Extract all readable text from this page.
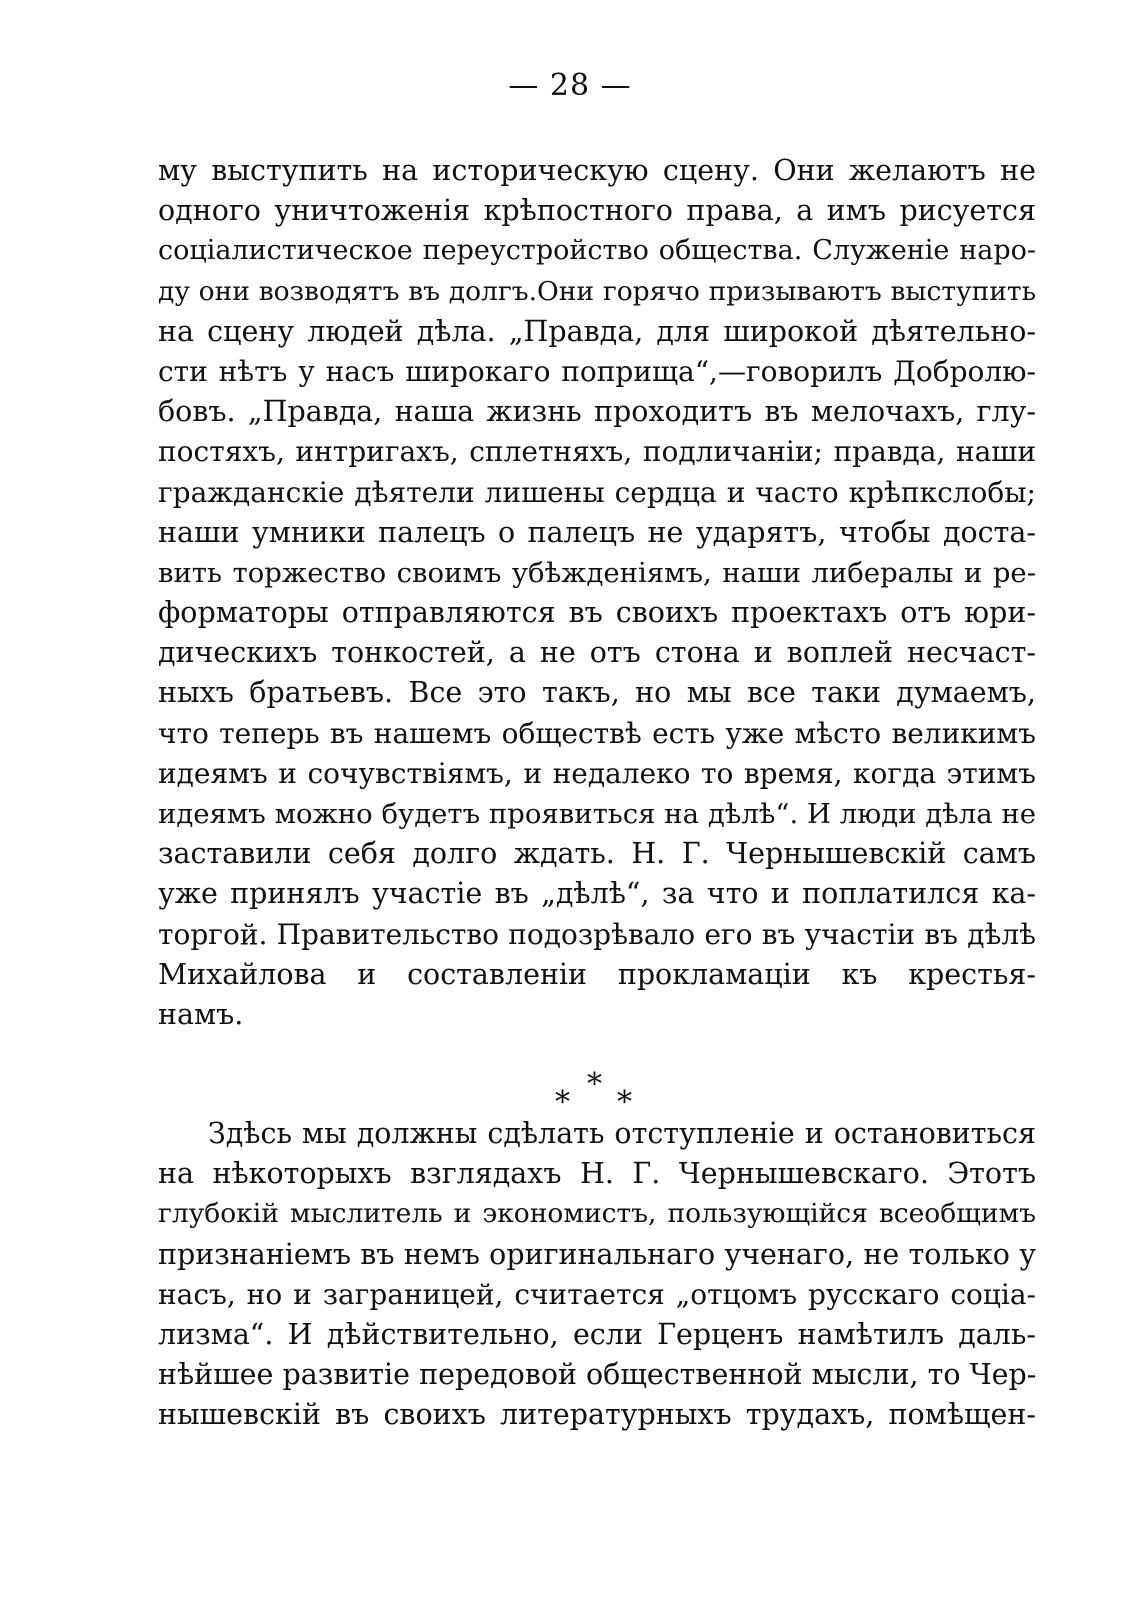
— 28 —
му выступить на историческую сцену. Они желаютъ не
одного уничтоженія крѣпостного права, а имъ рисуется
соціалистическое переустройство общества. Служеніе наро-
ду они возводятъ въ долгъ.Они горячо призываютъ выступить
на сцену людей дѣла. „Правда, для широкой дѣятельно-
сти нѣтъ у насъ широкаго поприща“,—говорилъ Добролю-
бовъ. „Правда, наша жизнь проходитъ въ мелочахъ, глу-
постяхъ, интригахъ, сплетняхъ, подличаніи; правда, наши
гражданскіе дѣятели лишены сердца и часто крѣпкслобы;
наши умники палецъ о палецъ не ударятъ, чтобы доста-
вить торжество своимъ убѣжденіямъ, наши либералы и ре-
форматоры отправляются въ своихъ проектахъ отъ юри-
дическихъ тонкостей, а не отъ стона и воплей несчаст-
ныхъ братьевъ. Все это такъ, но мы все таки думаемъ,
что теперь въ нашемъ обществѣ есть уже мѣсто великимъ
идеямъ и сочувствіямъ, и недалеко то время, когда этимъ
идеямъ можно будетъ проявиться на дѣлѣ“. И люди дѣла не
заставили себя долго ждать. Н. Г. Чернышевскій самъ
уже принялъ участіе въ „дѣлѣ“, за что и поплатился ка-
торгой. Правительство подозрѣвало его въ участіи въ дѣлѣ
Михайлова и составленіи прокламаціи къ крестья-
намъ.
*
* *
Здѣсь мы должны сдѣлать отступленіе и остановиться
на нѣкоторыхъ взглядахъ Н. Г. Чернышевскаго. Этотъ
глубокій мыслитель и экономистъ, пользующійся всеобщимъ
признаніемъ въ немъ оригинальнаго ученаго, не только у
насъ, но и заграницей, считается „отцомъ русскаго соціа-
лизма“. И дѣйствительно, если Герценъ намѣтилъ даль-
нѣйшее развитіе передовой общественной мысли, то Чер-
нышевскій въ своихъ литературныхъ трудахъ, помѣщен-
